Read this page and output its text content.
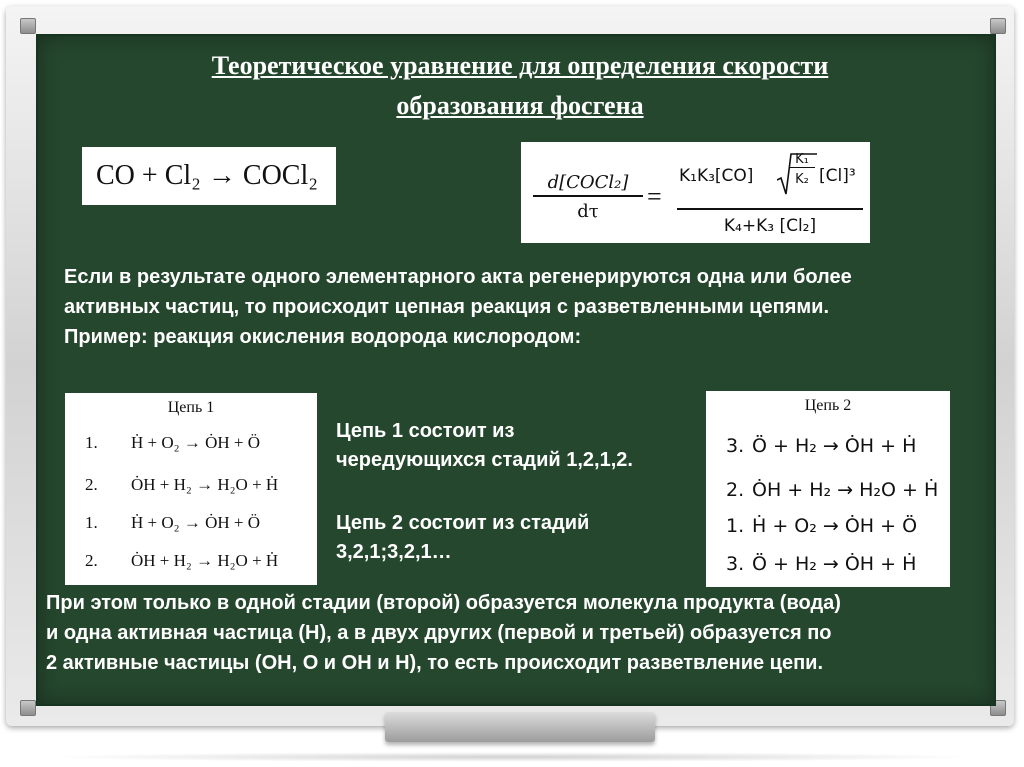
Теоретическое уравнение для определения скорости
образования фосгена
CO + Cl₂ → COCl₂	d[COCl₂]
dτ
=
K₁K₃[CO]
K₁
K₂ [Cl]³
K₄+K₃ [Cl₂]
Если в результате одного элементарного акта регенерируются одна или более
активных частиц, то происходит цепная реакция с разветвленными цепями.
Пример: реакция окисления водорода кислородом:
Цепь 1
1. Ḣ + O₂ → ȮH + Ö
2. ȮH + H₂ → H₂O + Ḣ
1. Ḣ + O₂ → ȮH + Ö
2. ȮH + H₂ → H₂O + Ḣ
Цепь 1 состоит из
чередующихся стадий 1,2,1,2.
Цепь 2 состоит из стадий
3,2,1;3,2,1…
Цепь 2
3. Ö + H₂ → ȮH + Ḣ
2. ȮH + H₂ → H₂O + Ḣ
1. Ḣ + O₂ → ȮH + Ö
3. Ö + H₂ → ȮH + Ḣ
При этом только в одной стадии (второй) образуется молекула продукта (вода)
и одна активная частица (Н), а в двух других (первой и третьей) образуется по
2 активные частицы (ОН, О и ОН и Н), то есть происходит разветвление цепи.
